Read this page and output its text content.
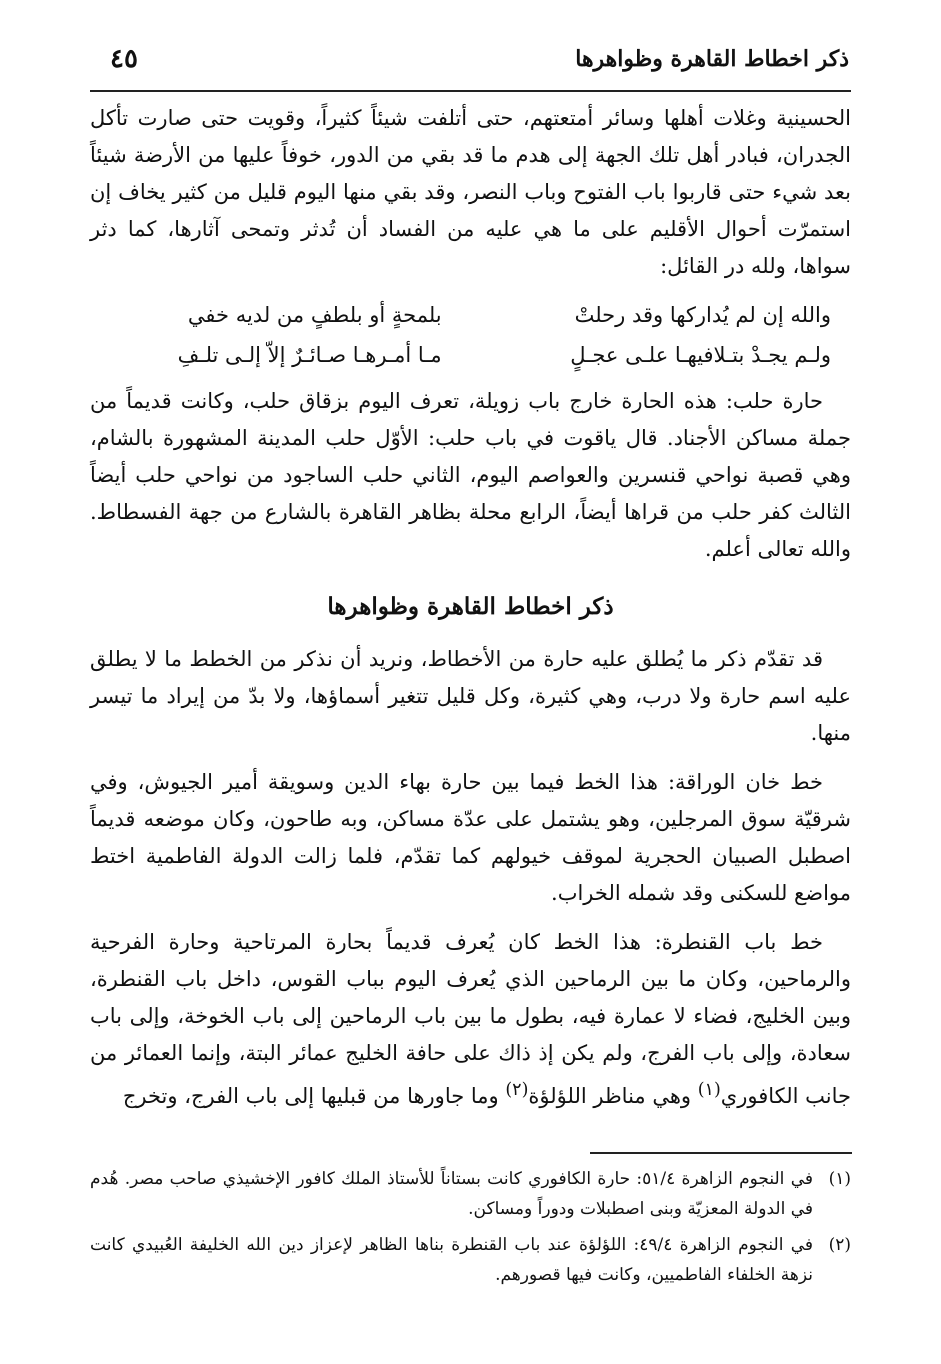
ذكر اخطاط القاهرة وظواهرها
٤٥

الحسينية وغلات أهلها وسائر أمتعتهم، حتى أتلفت شيئاً كثيراً، وقويت حتى صارت تأكل الجدران، فبادر أهل تلك الجهة إلى هدم ما قد بقي من الدور، خوفاً عليها من الأرضة شيئاً بعد شيء حتى قاربوا باب الفتوح وباب النصر، وقد بقي منها اليوم قليل من كثير يخاف إن استمرّت أحوال الأقليم على ما هي عليه من الفساد أن تُدثر وتمحى آثارها، كما دثر سواها، ولله در القائل:

والله إن لم يُداركها وقد رحلتْ
بلمحةٍ أو بلطفٍ من لديه خفي
ولـم يجـدْ بتـلافيهـا علـى عجـلٍ
مـا أمـرهـا صـائـرٌ إلاّ إلـى تلـفِ

حارة حلب: هذه الحارة خارج باب زويلة، تعرف اليوم بزقاق حلب، وكانت قديماً من جملة مساكن الأجناد. قال ياقوت في باب حلب: الأوّل حلب المدينة المشهورة بالشام، وهي قصبة نواحي قنسرين والعواصم اليوم، الثاني حلب الساجود من نواحي حلب أيضاً الثالث كفر حلب من قراها أيضاً، الرابع محلة بظاهر القاهرة بالشارع من جهة الفسطاط. والله تعالى أعلم.

ذكر اخطاط القاهرة وظواهرها

قد تقدّم ذكر ما يُطلق عليه حارة من الأخطاط، ونريد أن نذكر من الخطط ما لا يطلق عليه اسم حارة ولا درب، وهي كثيرة، وكل قليل تتغير أسماؤها، ولا بدّ من إيراد ما تيسر منها.

خط خان الوراقة: هذا الخط فيما بين حارة بهاء الدين وسويقة أمير الجيوش، وفي شرقيّة سوق المرجلين، وهو يشتمل على عدّة مساكن، وبه طاحون، وكان موضعه قديماً اصطبل الصبيان الحجرية لموقف خيولهم كما تقدّم، فلما زالت الدولة الفاطمية اختط مواضع للسكنى وقد شمله الخراب.

خط باب القنطرة: هذا الخط كان يُعرف قديماً بحارة المرتاحية وحارة الفرحية والرماحين، وكان ما بين الرماحين الذي يُعرف اليوم بباب القوس، داخل باب القنطرة، وبين الخليج، فضاء لا عمارة فيه، بطول ما بين باب الرماحين إلى باب الخوخة، وإلى باب سعادة، وإلى باب الفرج، ولم يكن إذ ذاك على حافة الخليج عمائر البتة، وإنما العمائر من جانب الكافوري$^{(١)}$ وهي مناظر اللؤلؤة$^{(٢)}$ وما جاورها من قبليها إلى باب الفرج، وتخرج

(١)
في النجوم الزاهرة ٥١/٤: حارة الكافوري كانت بستاناً للأستاذ الملك كافور الإخشيذي صاحب مصر. هُدم في الدولة المعزيّة وبنى اصطبلات ودوراً ومساكن.
(٢)
في النجوم الزاهرة ٤٩/٤: اللؤلؤة عند باب القنطرة بناها الظاهر لإعزاز دين الله الخليفة العُبيدي كانت نزهة الخلفاء الفاطميين، وكانت فيها قصورهم.
